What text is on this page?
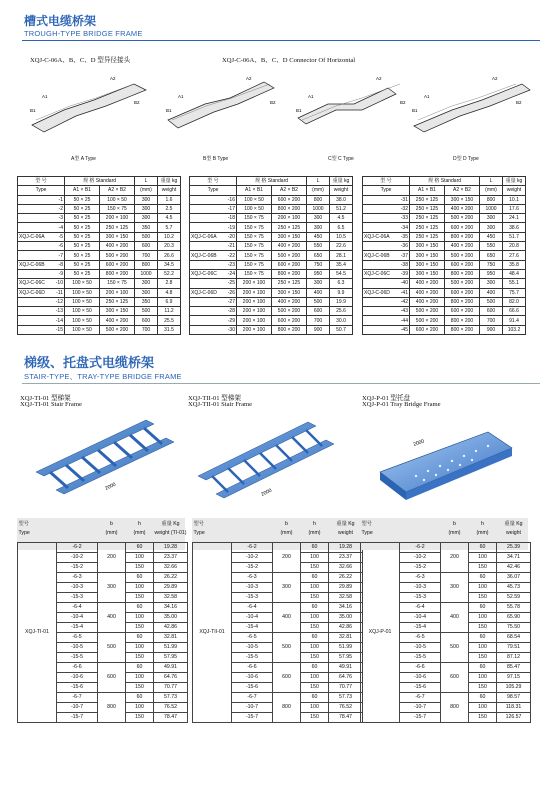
槽式电缆桥架
TROUGH-TYPE BRIDGE FRAME
XQJ-C-06A、B、C、D 型异径接头	XQJ-C-06A、B、C、D Connector Of Horizontal
A1
A2
B1
B2
A型 A Type
A1
A2
B1
B2
B型 B Type
A1
A2
B1
B2
C型 C Type
A1
A2
B1
B2
D型 D Type
型 号		规 格 Standard		L	重量 kg
Type		A1 × B1	A2 × B2	(mm)	weight
	-1	50 × 25	100 × 50	300	1.6
	-2	50 × 25	150 × 75	300	2.5
	-3	50 × 25	200 × 100	300	4.5
	-4	50 × 25	250 × 125	350	5.7
XQJ-C-06A	-5	50 × 25	300 × 150	500	10.2
	-6	50 × 25	400 × 200	600	20.3
	-7	50 × 25	500 × 200	700	26.6
XQJ-C-06B	-8	50 × 25	600 × 200	800	34.5
	-9	50 × 25	800 × 200	1000	52.2
XQJ-C-06C	-10	100 × 50	150 × 75	300	2.8
XQJ-C-06D	-11	100 × 50	200 × 100	300	4.8
	-12	100 × 50	250 × 125	350	6.9
	-13	100 × 50	300 × 150	500	11.2
	-14	100 × 50	400 × 200	600	25.5
	-15	100 × 50	500 × 200	700	31.5
型 号		规 格 Standard		L	重量 kg
Type		A1 × B1	A2 × B2	(mm)	weight
	-16	100 × 50	600 × 200	800	38.0
	-17	100 × 50	800 × 200	1000	51.2
	-18	150 × 75	200 × 100	300	4.5
	-19	150 × 75	250 × 125	300	6.5
XQJ-C-06A	-20	150 × 75	300 × 150	450	10.5
	-21	150 × 75	400 × 200	550	22.6
XQJ-C-06B	-22	150 × 75	500 × 200	650	28.1
	-23	150 × 75	600 × 200	750	35.4
XQJ-C-06C	-24	150 × 75	800 × 200	950	54.5
	-25	200 × 100	250 × 125	300	6.3
XQJ-C-06D	-26	200 × 100	300 × 150	400	9.9
	-27	200 × 100	400 × 200	500	19.9
	-28	200 × 100	500 × 200	600	25.6
	-29	200 × 100	600 × 200	700	30.0
	-30	200 × 100	800 × 200	900	50.7
型 号		规 格 Standard		L	重量 kg
Type		A1 × B1	A2 × B2	(mm)	weight
	-31	250 × 125	300 × 150	800	10.1
	-32	250 × 125	400 × 200	1000	17.6
	-33	250 × 125	500 × 200	300	24.1
	-34	250 × 125	600 × 200	300	38.6
XQJ-C-06A	-35	250 × 125	800 × 200	450	51.7
	-36	300 × 150	400 × 200	550	20.8
XQJ-C-06B	-37	300 × 150	500 × 200	650	27.6
	-38	300 × 150	600 × 200	750	35.8
XQJ-C-06C	-39	300 × 150	800 × 200	950	48.4
	-40	400 × 200	500 × 200	300	55.1
XQJ-C-06D	-41	400 × 200	600 × 200	400	75.7
	-42	400 × 200	800 × 200	500	82.0
	-43	500 × 200	600 × 200	600	66.6
	-44	500 × 200	800 × 200	700	91.4
	-45	600 × 200	800 × 200	900	103.2
梯级、托盘式电缆桥架
STAIR-TYPE、TRAY-TYPE BRIDGE FRAME
XQJ-TI-01 型梯架
XQJ-TI-01 Stair Frame
XQJ-TII-01 型梯架
XQJ-TII-01 Stair Frame
XQJ-P-01 型托盘
XQJ-P-01 Tray Bridge Frame
2000
2000
2000
型号		b	h	重量 Kg
Type		(mm)	(mm)	weight (TI-01)

XQJ-TI-01	-6-2	200	60	19.28
	-10-2		100	23.37
	-15-2		150	32.66
	-6-3	300	60	26.22
	-10-3		100	29.89
	-15-3		150	32.58
	-6-4	400	60	34.16
	-10-4		100	35.00
	-15-4		150	42.86
	-6-5	500	60	32.81
	-10-5		100	51.99
	-15-5		150	57.95
	-6-6	600	60	49.91
	-10-6		100	64.76
	-15-6		150	70.77
	-6-7	800	60	57.73
	-10-7		100	76.52
	-15-7		150	78.47
型号		b	h	重量 Kg
Type		(mm)	(mm)	weight

XQJ-TII-01	-6-2	200	60	19.28
	-10-2		100	23.37
	-15-2		150	32.66
	-6-3	300	60	26.22
	-10-3		100	29.89
	-15-3		150	32.58
	-6-4	400	60	34.16
	-10-4		100	35.00
	-15-4		150	42.86
	-6-5	500	60	32.81
	-10-5		100	51.99
	-15-5		150	57.95
	-6-6	600	60	49.91
	-10-6		100	64.76
	-15-6		150	70.77
	-6-7	800	60	57.73
	-10-7		100	76.52
	-15-7		150	78.47
型号		b	h	重量 Kg
Type		(mm)	(mm)	weight

XQJ-P-01	-6-2	200	60	25.39
	-10-2		100	34.71
	-15-2		150	42.46
	-6-3	300	60	36.07
	-10-3		100	45.73
	-15-3		150	52.59
	-6-4	400	60	55.78
	-10-4		100	65.90
	-15-4		150	75.50
	-6-5	500	60	68.54
	-10-5		100	79.51
	-15-5		150	87.12
	-6-6	600	60	85.47
	-10-6		100	97.15
	-15-6		150	105.29
	-6-7	800	60	98.57
	-10-7		100	118.31
	-15-7		150	126.57
